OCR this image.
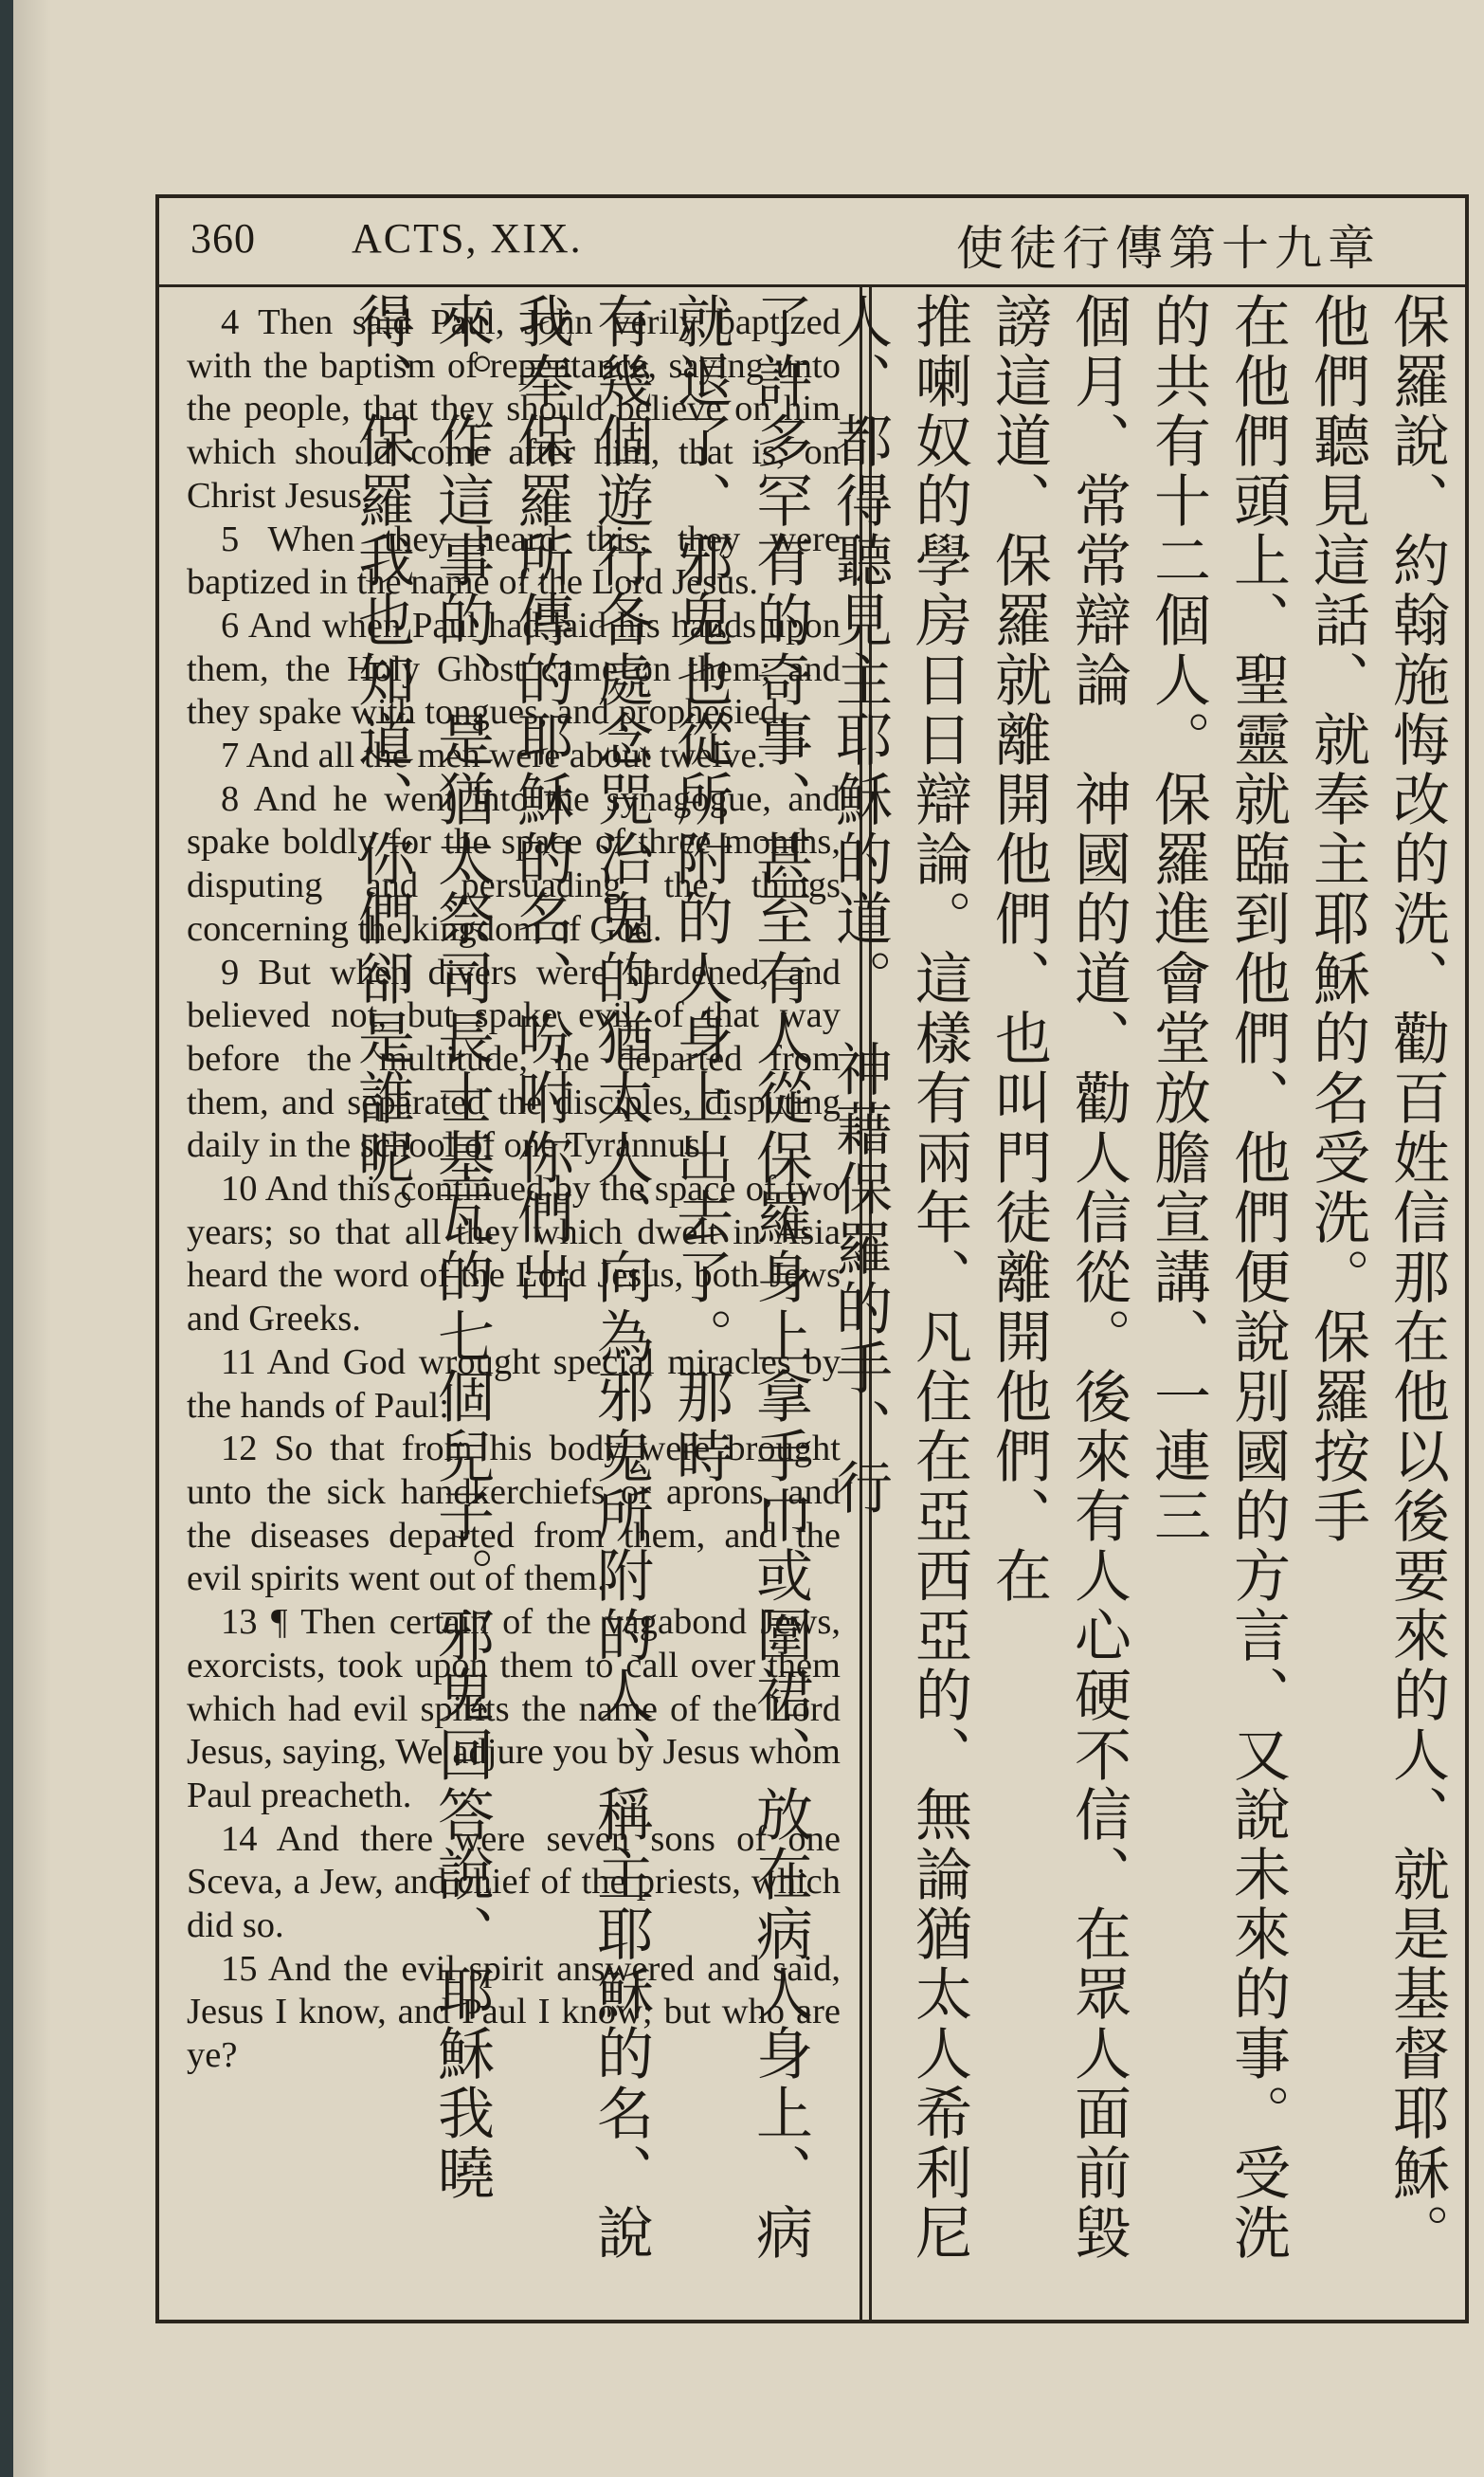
360 ACTS, XIX.	使徒行傳第十九章

4 Then said Paul, John verily baptized with the baptism of repentance, saying unto the people, that they should believe on him which should come after him, that is, on Christ Jesus.

5 When they heard this, they were baptized in the name of the Lord Jesus.

6 And when Paul had laid his hands upon them, the Holy Ghost came on them; and they spake with tongues, and prophesied.

7 And all the men were about twelve.

8 And he went into the synagogue, and spake boldly for the space of three months, disputing and persuading the things concerning the kingdom of God.

9 But when divers were hardened, and believed not, but spake evil of that way before the multitude, he departed from them, and separated the disciples, disputing daily in the school of one Tyrannus.

10 And this continued by the space of two years; so that all they which dwelt in Asia heard the word of the Lord Jesus, both Jews and Greeks.

11 And God wrought special miracles by the hands of Paul:

12 So that from his body were brought unto the sick handkerchiefs or aprons, and the diseases departed from them, and the evil spirits went out of them.

13 ¶ Then certain of the vagabond Jews, exorcists, took upon them to call over them which had evil spirits the name of the Lord Jesus, saying, We adjure you by Jesus whom Paul preacheth.

14 And there were seven sons of one Sceva, a Jew, and chief of the priests, which did so.

15 And the evil spirit answered and said, Jesus I know, and Paul I know; but who are ye?	保羅說、約翰施悔改的洗、勸百姓信那在他以後要來的人、就是基督耶穌。他們聽見這話、就奉主耶穌的名受洗。保羅按手
在他們頭上、聖靈就臨到他們、他們便說別國的方言、又說未來的事。受洗的共有十二個人。保羅進會堂放膽宣講、一連三
個月、常常辯論　神國的道、勸人信從。後來有人心硬不信、在眾人面前毀謗這道、保羅就離開他們、也叫門徒離開他們、在
推喇奴的學房日日辯論。這樣有兩年、凡住在亞西亞的、無論猶太人希利尼人、都得聽見主耶穌的道。　神藉保羅的手、行
了許多罕有的奇事、甚至有人從保羅身上拿手巾或圍裙、放在病人身上、病就退了、邪鬼也從所附的人身上出去了。那時
有幾個遊行各處念咒治鬼的猶太人、向為邪鬼所附的人、稱主耶穌的名、說我奉保羅所傳的耶穌的名、吩咐你們出
來。作這事的、是猶太祭司長士基瓦的七個兒子。邪鬼回答說、耶穌我曉得、保羅我也知道、你們卻是誰呢。
